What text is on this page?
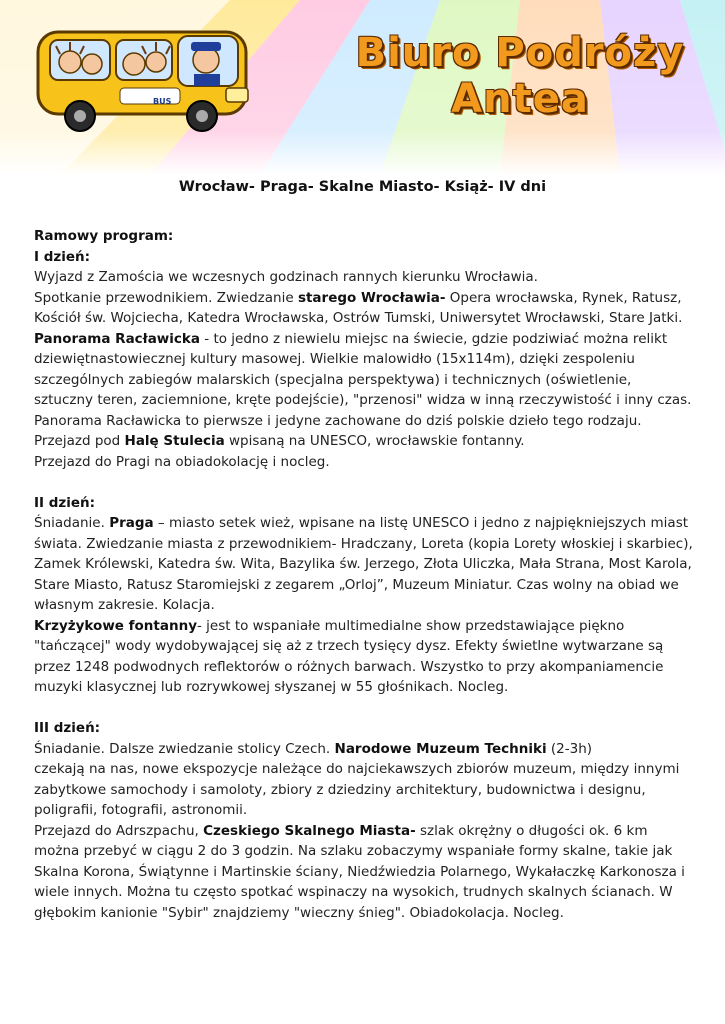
BUS
Biuro Podróży
Antea
Wrocław- Praga- Skalne Miasto- Książ- IV dni

Ramowy program:

I dzień:

Wyjazd z Zamościa we wczesnych godzinach rannych kierunku Wrocławia.

Spotkanie przewodnikiem. Zwiedzanie starego Wrocławia- Opera wrocławska, Rynek, Ratusz, Kościół św. Wojciecha, Katedra Wrocławska, Ostrów Tumski, Uniwersytet Wrocławski, Stare Jatki.

Panorama Racławicka - to jedno z niewielu miejsc na świecie, gdzie podziwiać można relikt dziewiętnastowiecznej kultury masowej. Wielkie malowidło (15x114m), dzięki zespoleniu szczególnych zabiegów malarskich (specjalna perspektywa) i technicznych (oświetlenie, sztuczny teren, zaciemnione, kręte podejście), "przenosi" widza w inną rzeczywistość i inny czas.

Panorama Racławicka to pierwsze i jedyne zachowane do dziś polskie dzieło tego rodzaju.

Przejazd pod Halę Stulecia wpisaną na UNESCO, wrocławskie fontanny.

Przejazd do Pragi na obiadokolację i nocleg.

II dzień:

Śniadanie. Praga – miasto setek wież, wpisane na listę UNESCO i jedno z najpiękniejszych miast świata. Zwiedzanie miasta z przewodnikiem- Hradczany, Loreta (kopia Lorety włoskiej i skarbiec), Zamek Królewski, Katedra św. Wita, Bazylika św. Jerzego, Złota Uliczka, Mała Strana, Most Karola, Stare Miasto, Ratusz Staromiejski z zegarem „Orloj”, Muzeum Miniatur. Czas wolny na obiad we własnym zakresie. Kolacja.

Krzyżykowe fontanny- jest to wspaniałe multimedialne show przedstawiające piękno "tańczącej" wody wydobywającej się aż z trzech tysięcy dysz. Efekty świetlne wytwarzane są przez 1248 podwodnych reflektorów o różnych barwach. Wszystko to przy akompaniamencie muzyki klasycznej lub rozrywkowej słyszanej w 55 głośnikach. Nocleg.

III dzień:

Śniadanie. Dalsze zwiedzanie stolicy Czech. Narodowe Muzeum Techniki (2-3h)

czekają na nas, nowe ekspozycje należące do najciekawszych zbiorów muzeum, między innymi zabytkowe samochody i samoloty, zbiory z dziedziny architektury, budownictwa i designu, poligrafii, fotografii, astronomii.

Przejazd do Adrszpachu, Czeskiego Skalnego Miasta- szlak okrężny o długości ok. 6 km można przebyć w ciągu 2 do 3 godzin. Na szlaku zobaczymy wspaniałe formy skalne, takie jak Skalna Korona, Świątynne i Martinskie ściany, Niedźwiedzia Polarnego, Wykałaczkę Karkonosza i wiele innych. Można tu często spotkać wspinaczy na wysokich, trudnych skalnych ścianach. W głębokim kanionie "Sybir" znajdziemy "wieczny śnieg". Obiadokolacja. Nocleg.
